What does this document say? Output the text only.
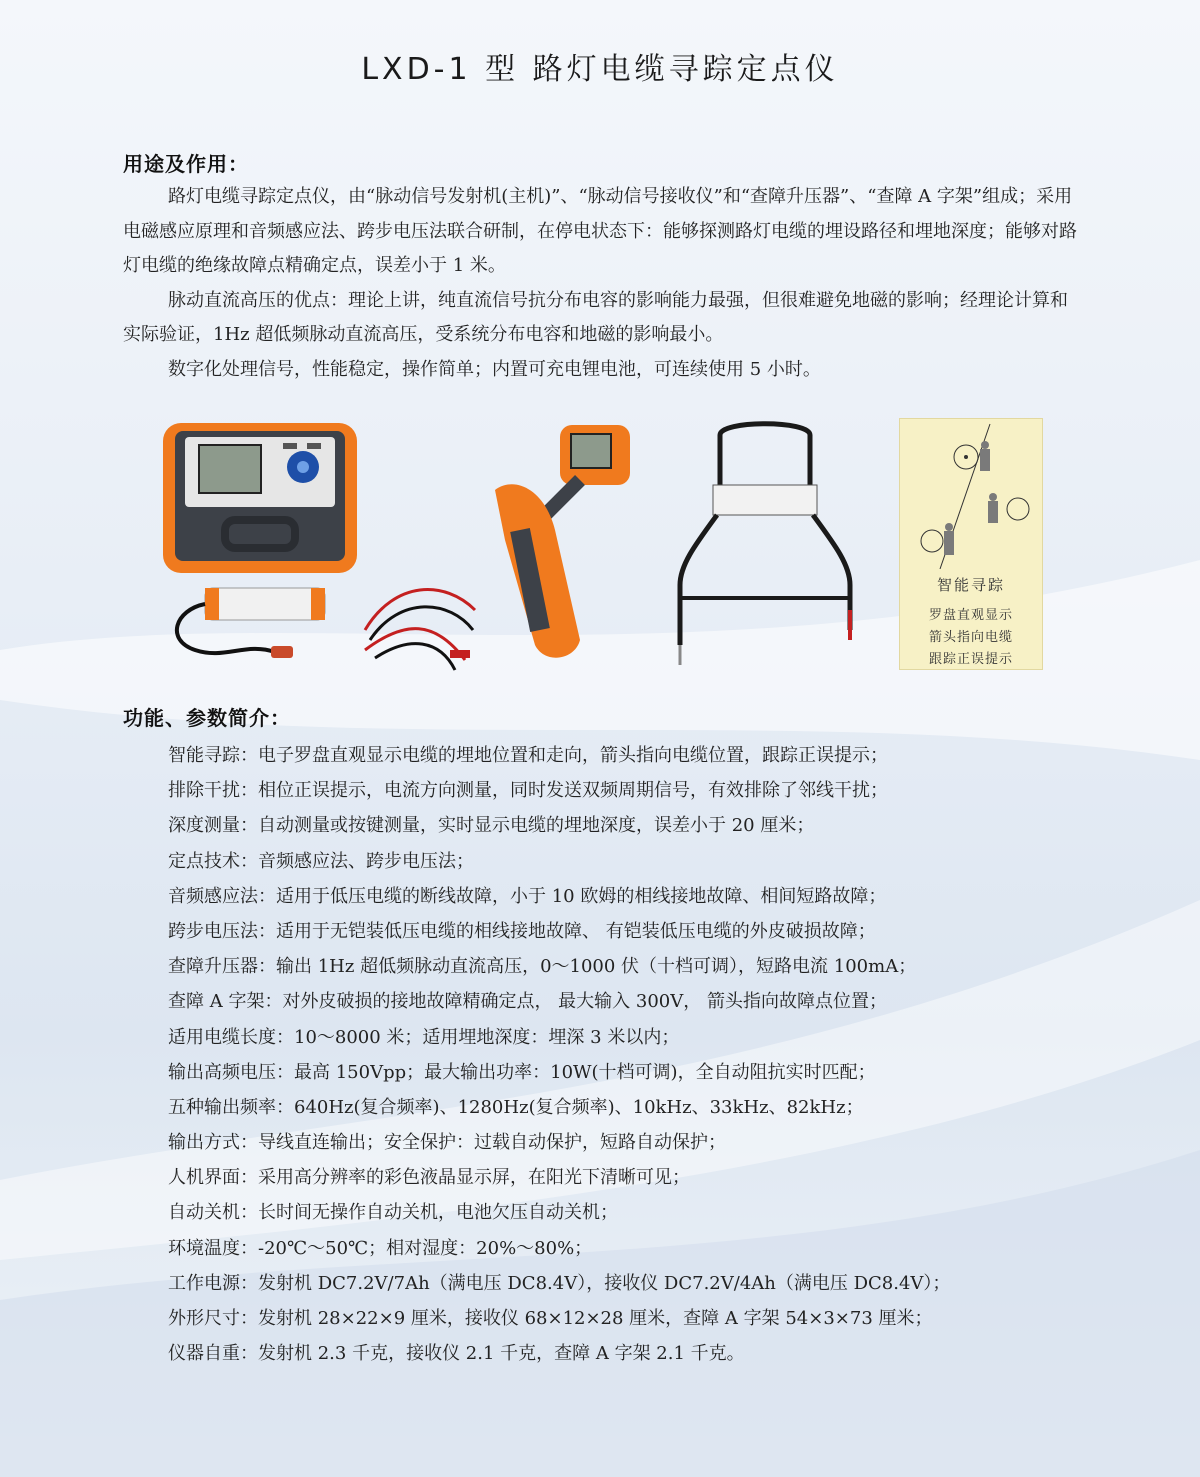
LXD-1 型 路灯电缆寻踪定点仪
用途及作用：

路灯电缆寻踪定点仪，由“脉动信号发射机(主机)”、“脉动信号接收仪”和“查障升压器”、“查障 A 字架”组成；采用电磁感应原理和音频感应法、跨步电压法联合研制，在停电状态下：能够探测路灯电缆的埋设路径和埋地深度；能够对路灯电缆的绝缘故障点精确定点，误差小于 1 米。

脉动直流高压的优点：理论上讲，纯直流信号抗分布电容的影响能力最强，但很难避免地磁的影响；经理论计算和实际验证，1Hz 超低频脉动直流高压，受系统分布电容和地磁的影响最小。

数字化处理信号，性能稳定，操作简单；内置可充电锂电池，可连续使用 5 小时。

智能寻踪
罗盘直观显示
箭头指向电缆
跟踪正误提示
功能、参数简介：
智能寻踪：电子罗盘直观显示电缆的埋地位置和走向，箭头指向电缆位置，跟踪正误提示；
排除干扰：相位正误提示，电流方向测量，同时发送双频周期信号，有效排除了邻线干扰；
深度测量：自动测量或按键测量，实时显示电缆的埋地深度，误差小于 20 厘米；
定点技术：音频感应法、跨步电压法；
音频感应法：适用于低压电缆的断线故障，小于 10 欧姆的相线接地故障、相间短路故障；
跨步电压法：适用于无铠装低压电缆的相线接地故障、 有铠装低压电缆的外皮破损故障；
查障升压器：输出 1Hz 超低频脉动直流高压，0～1000 伏（十档可调），短路电流 100mA；
查障 A 字架：对外皮破损的接地故障精确定点， 最大输入 300V， 箭头指向故障点位置；
适用电缆长度：10～8000 米；适用埋地深度：埋深 3 米以内；
输出高频电压：最高 150Vpp；最大输出功率：10W(十档可调)，全自动阻抗实时匹配；
五种输出频率：640Hz(复合频率)、1280Hz(复合频率)、10kHz、33kHz、82kHz；
输出方式：导线直连输出；安全保护：过载自动保护，短路自动保护；
人机界面：采用高分辨率的彩色液晶显示屏，在阳光下清晰可见；
自动关机：长时间无操作自动关机，电池欠压自动关机；
环境温度：-20℃～50℃；相对湿度：20%～80%；
工作电源：发射机 DC7.2V/7Ah（满电压 DC8.4V），接收仪 DC7.2V/4Ah（满电压 DC8.4V）；
外形尺寸：发射机 28×22×9 厘米，接收仪 68×12×28 厘米，查障 A 字架 54×3×73 厘米；
仪器自重：发射机 2.3 千克，接收仪 2.1 千克，查障 A 字架 2.1 千克。
